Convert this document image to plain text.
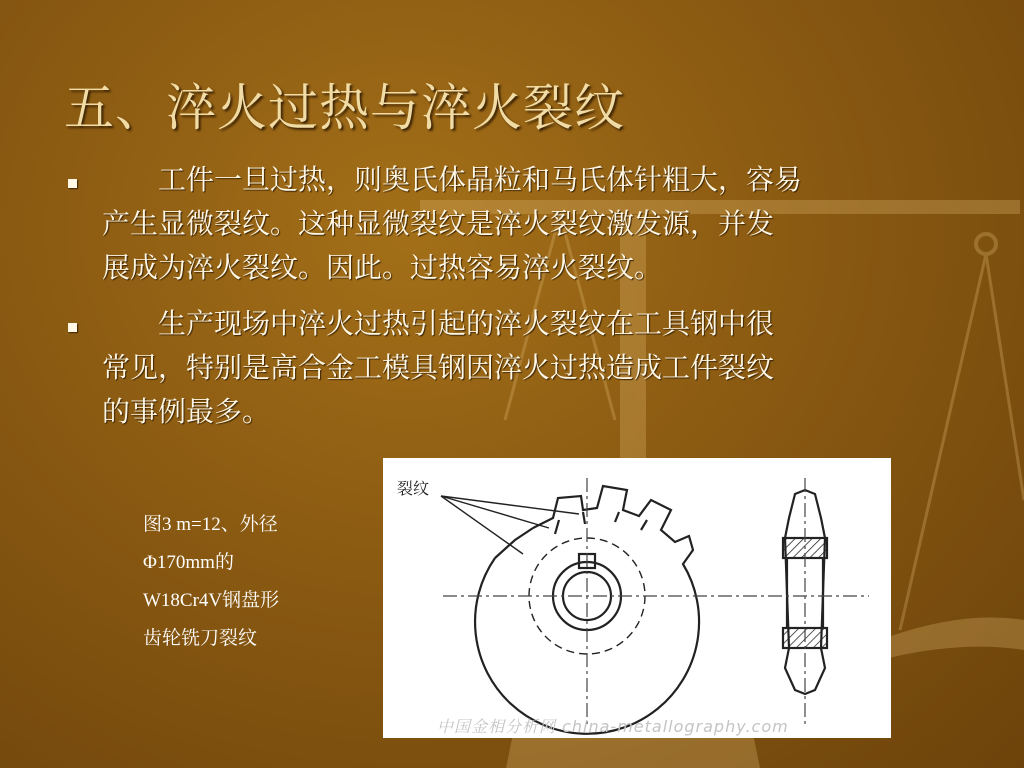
五、淬火过热与淬火裂纹
　　工件一旦过热，则奥氏体晶粒和马氏体针粗大，容易
产生显微裂纹。这种显微裂纹是淬火裂纹激发源，并发
展成为淬火裂纹。因此。过热容易淬火裂纹。
　　生产现场中淬火过热引起的淬火裂纹在工具钢中很
常见，特别是高合金工模具钢因淬火过热造成工件裂纹
的事例最多。
图3 m=12、外径
Φ170mm的
W18Cr4V钢盘形
齿轮铣刀裂纹
裂纹
中国金相分析网 china-metallography.com
